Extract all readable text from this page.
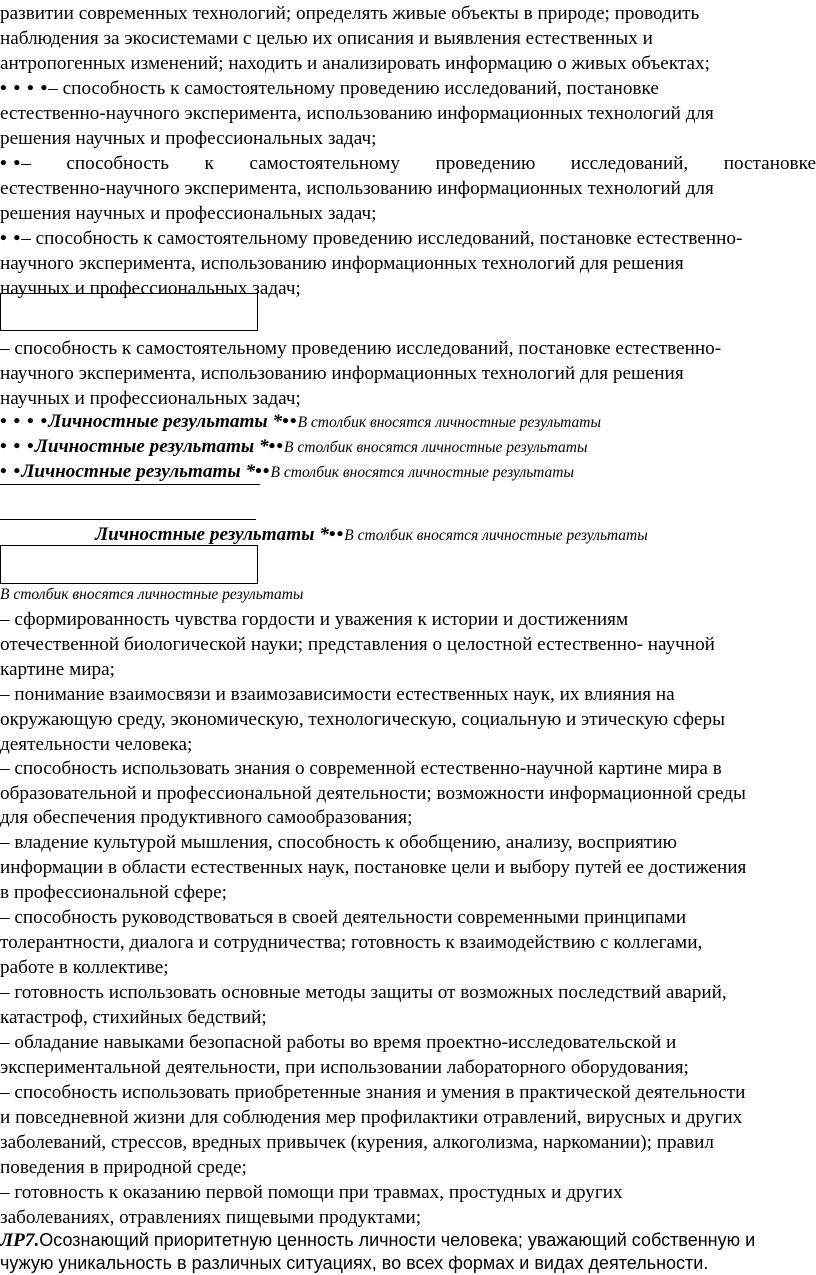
развитии современных технологий; определять живые объекты в природе; проводить
наблюдения за экосистемами с целью их описания и выявления естественных и
антропогенных изменений; находить и анализировать информацию о живых объектах;
• • • •– способность к самостоятельному проведению исследований, постановке
естественно-научного эксперимента, использованию информационных технологий для
решения научных и профессиональных задач;
• •– способность к самостоятельному проведению исследований, постановке
естественно-научного эксперимента, использованию информационных технологий для
решения научных и профессиональных задач;
• •– способность к самостоятельному проведению исследований, постановке естественно-
научного эксперимента, использованию информационных технологий для решения
научных и профессиональных задач;
– способность к самостоятельному проведению исследований, постановке естественно-
научного эксперимента, использованию информационных технологий для решения
научных и профессиональных задач;
• • • •Личностные результаты *••В столбик вносятся личностные результаты
• • •Личностные результаты *••В столбик вносятся личностные результаты
• •Личностные результаты *••В столбик вносятся личностные результаты
Личностные результаты *••В столбик вносятся личностные результаты
В столбик вносятся личностные результаты
– сформированность чувства гордости и уважения к истории и достижениям
отечественной биологической науки; представления о целостной естественно- научной
картине мира;
– понимание взаимосвязи и взаимозависимости естественных наук, их влияния на
окружающую среду, экономическую, технологическую, социальную и этическую сферы
деятельности человека;
– способность использовать знания о современной естественно-научной картине мира в
образовательной и профессиональной деятельности; возможности информационной среды
для обеспечения продуктивного самообразования;
– владение культурой мышления, способность к обобщению, анализу, восприятию
информации в области естественных наук, постановке цели и выбору путей ее достижения
в профессиональной сфере;
– способность руководствоваться в своей деятельности современными принципами
толерантности, диалога и сотрудничества; готовность к взаимодействию с коллегами,
работе в коллективе;
– готовность использовать основные методы защиты от возможных последствий аварий,
катастроф, стихийных бедствий;
– обладание навыками безопасной работы во время проектно-исследовательской и
экспериментальной деятельности, при использовании лабораторного оборудования;
– способность использовать приобретенные знания и умения в практической деятельности
и повседневной жизни для соблюдения мер профилактики отравлений, вирусных и других
заболеваний, стрессов, вредных привычек (курения, алкоголизма, наркомании); правил
поведения в природной среде;
– готовность к оказанию первой помощи при травмах, простудных и других
заболеваниях, отравлениях пищевыми продуктами;
ЛР7.Осознающий приоритетную ценность личности человека; уважающий собственную и
чужую уникальность в различных ситуациях, во всех формах и видах деятельности.
